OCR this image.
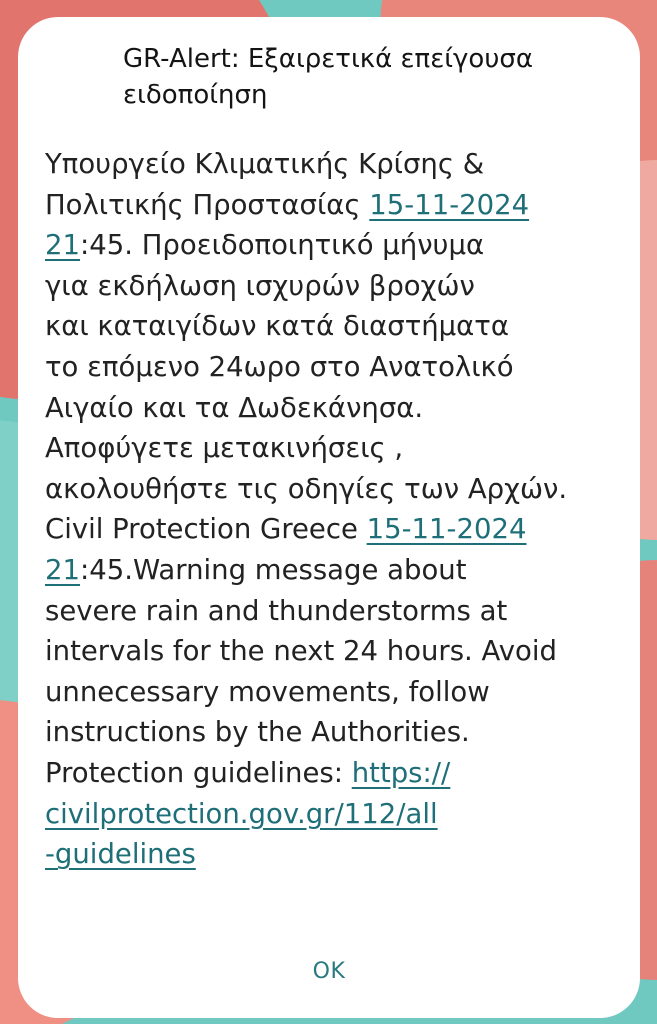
GR-Alert: Εξαιρετικά επείγουσα ειδοποίηση

Υπουργείο Κλιματικής Κρίσης &

Πολιτικής Προστασίας 15-11-2024

21:45. Προειδοποιητικό μήνυμα

για εκδήλωση ισχυρών βροχών

και καταιγίδων κατά διαστήματα

το επόμενο 24ωρο στο Ανατολικό

Αιγαίο και τα Δωδεκάνησα.

Αποφύγετε μετακινήσεις ,

ακολουθήστε τις οδηγίες των Αρχών.

Civil Protection Greece 15-11-2024

21:45.Warning message about

severe rain and thunderstorms at

intervals for the next 24 hours. Avoid

unnecessary movements, follow

instructions by the Authorities.

Protection guidelines: https://

civilprotection.gov.gr/112/all

-guidelines

OK
